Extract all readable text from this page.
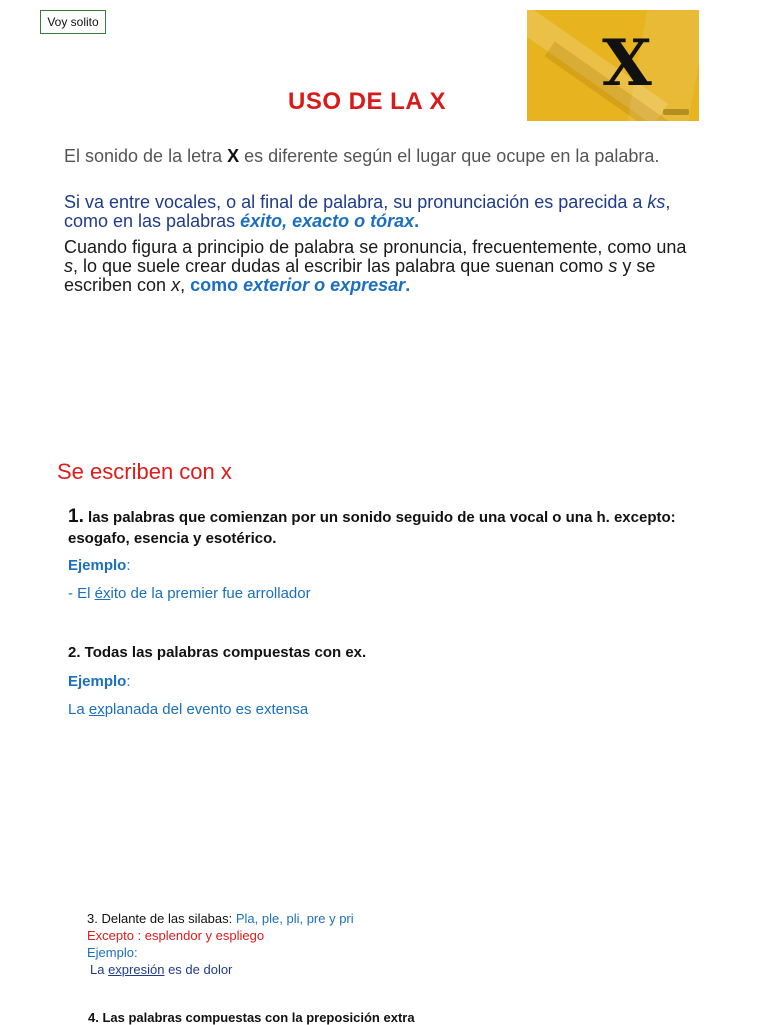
Voy solito
X
USO DE LA X
El sonido de la letra X es diferente según el lugar que ocupe en la palabra.
Si va entre vocales, o al final de palabra, su pronunciación es parecida a ks, como en las palabras éxito, exacto o tórax.
Cuando figura a principio de palabra se pronuncia, frecuentemente, como una s, lo que suele crear dudas al escribir las palabra que suenan como s y se escriben con x, como exterior o expresar.
Se escriben con x
1. las palabras que comienzan por un sonido seguido de una vocal o una h. excepto: esogafo, esencia y esotérico.
Ejemplo:
- El éxito de la premier fue arrollador
2. Todas las palabras compuestas con ex.
Ejemplo:
La explanada del evento es extensa
3. Delante de las silabas: Pla, ple, pli, pre y pri
Excepto : esplendor y espliego
Ejemplo:
La expresión es de dolor
4. Las palabras compuestas con la preposición extra
